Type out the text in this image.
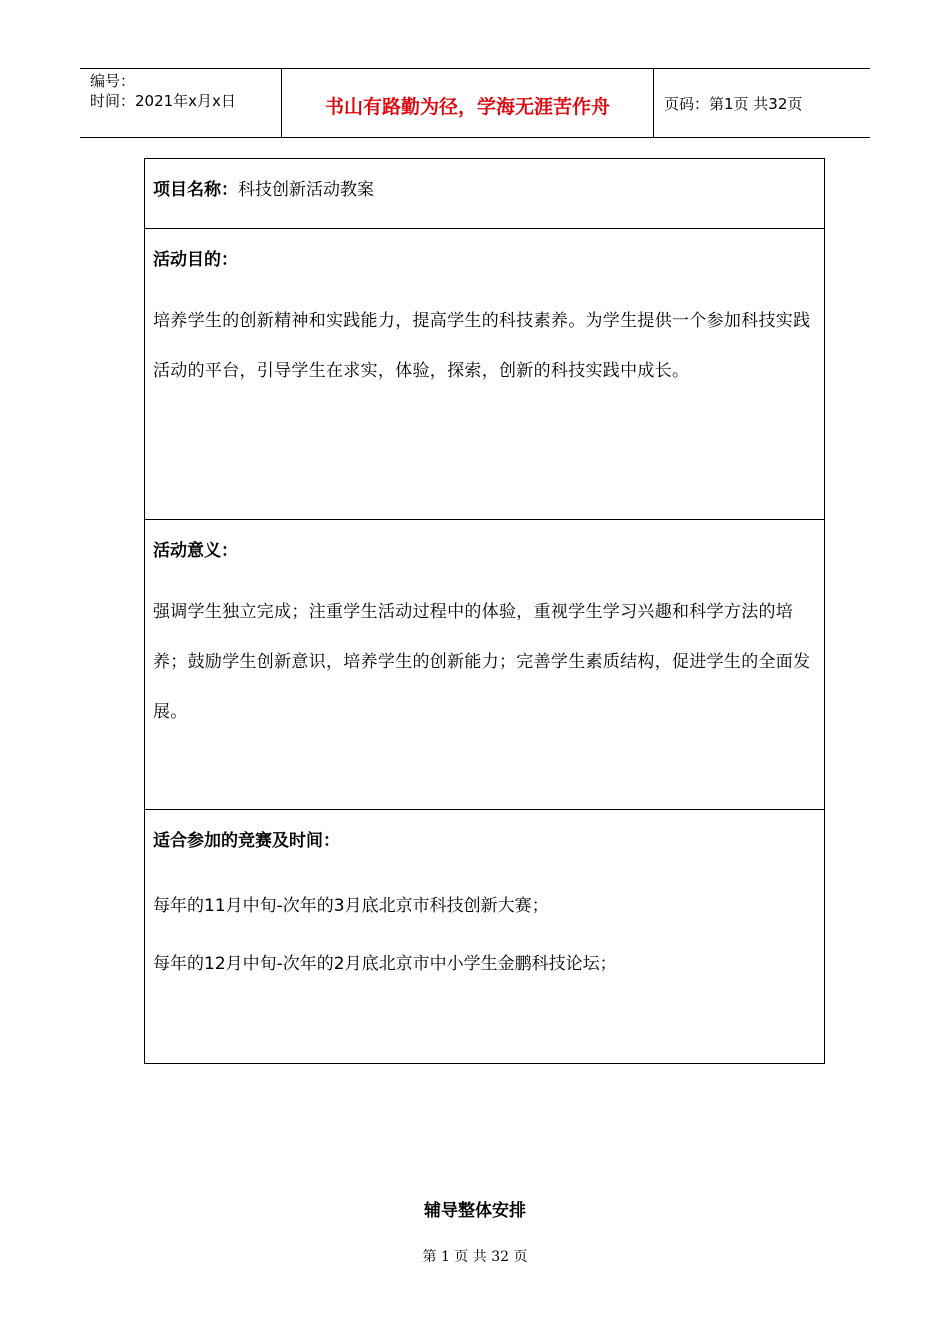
编号：
时间：2021年x月x日	书山有路勤为径，学海无涯苦作舟	页码：第1页 共32页
项目名称：科技创新活动教案
活动目的：
培养学生的创新精神和实践能力，提高学生的科技素养。为学生提供一个参加科技实践活动的平台，引导学生在求实，体验，探索，创新的科技实践中成长。
活动意义：
强调学生独立完成；注重学生活动过程中的体验，重视学生学习兴趣和科学方法的培养；鼓励学生创新意识，培养学生的创新能力；完善学生素质结构，促进学生的全面发展。
适合参加的竞赛及时间：
每年的11月中旬-次年的3月底北京市科技创新大赛；
每年的12月中旬-次年的2月底北京市中小学生金鹏科技论坛；
辅导整体安排
第 1 页 共 32 页
